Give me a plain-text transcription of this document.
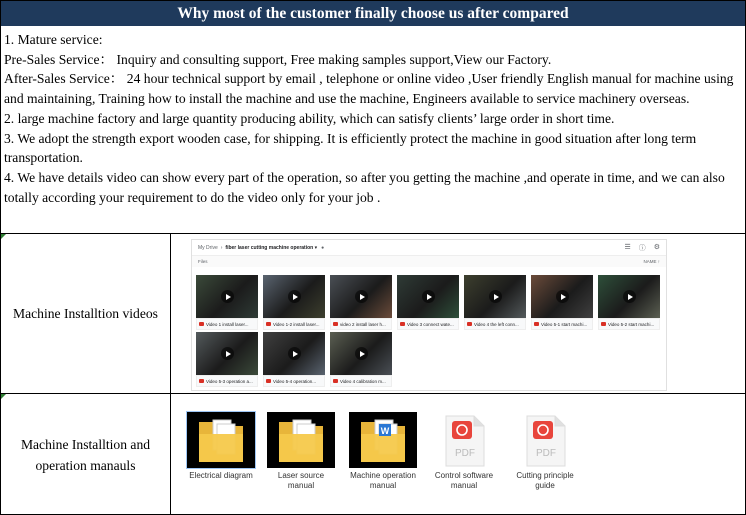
Why most of the customer finally choose us after compared

1. Mature service:

Pre-Sales Service： Inquiry and consulting support, Free making samples support,View our Factory.

After-Sales Service： 24 hour technical support by email , telephone or online video ,User friendly English manual for machine using and maintaining, Training how to install the machine and use the machine, Engineers available to service machinery overseas.

2. large machine factory and large quantity producing ability, which can satisfy clients’ large order in short time.

3. We adopt the strength export wooden case, for shipping. It is efficiently protect the machine in good situation after long term transportation.

4. We have details video can show every part of the operation, so after you getting the machine ,and operate in time, and we can also totally according your requirement to do the video only for your job .

Machine Installtion videos
My Drive › fiber laser cutting machine operation ▾ ●	☰ ⓘ ⚙
Files	NAME ↑
Video 1 install laser...	Video 1-2 install laser...	video 2 install laser h...	Video 3 connect wate...	Video 4 the left conn...	Video 5-1 start machi...	Video 5-2 start machi...
Video 5-3 operation a...	Video 5-4 operation...	Video 4 calibration m...
Machine Installtion and operation manauls
Electrical diagram	Laser source manual
W
Machine operation manual
PDF
Control software manual
PDF
Cutting principle guide
